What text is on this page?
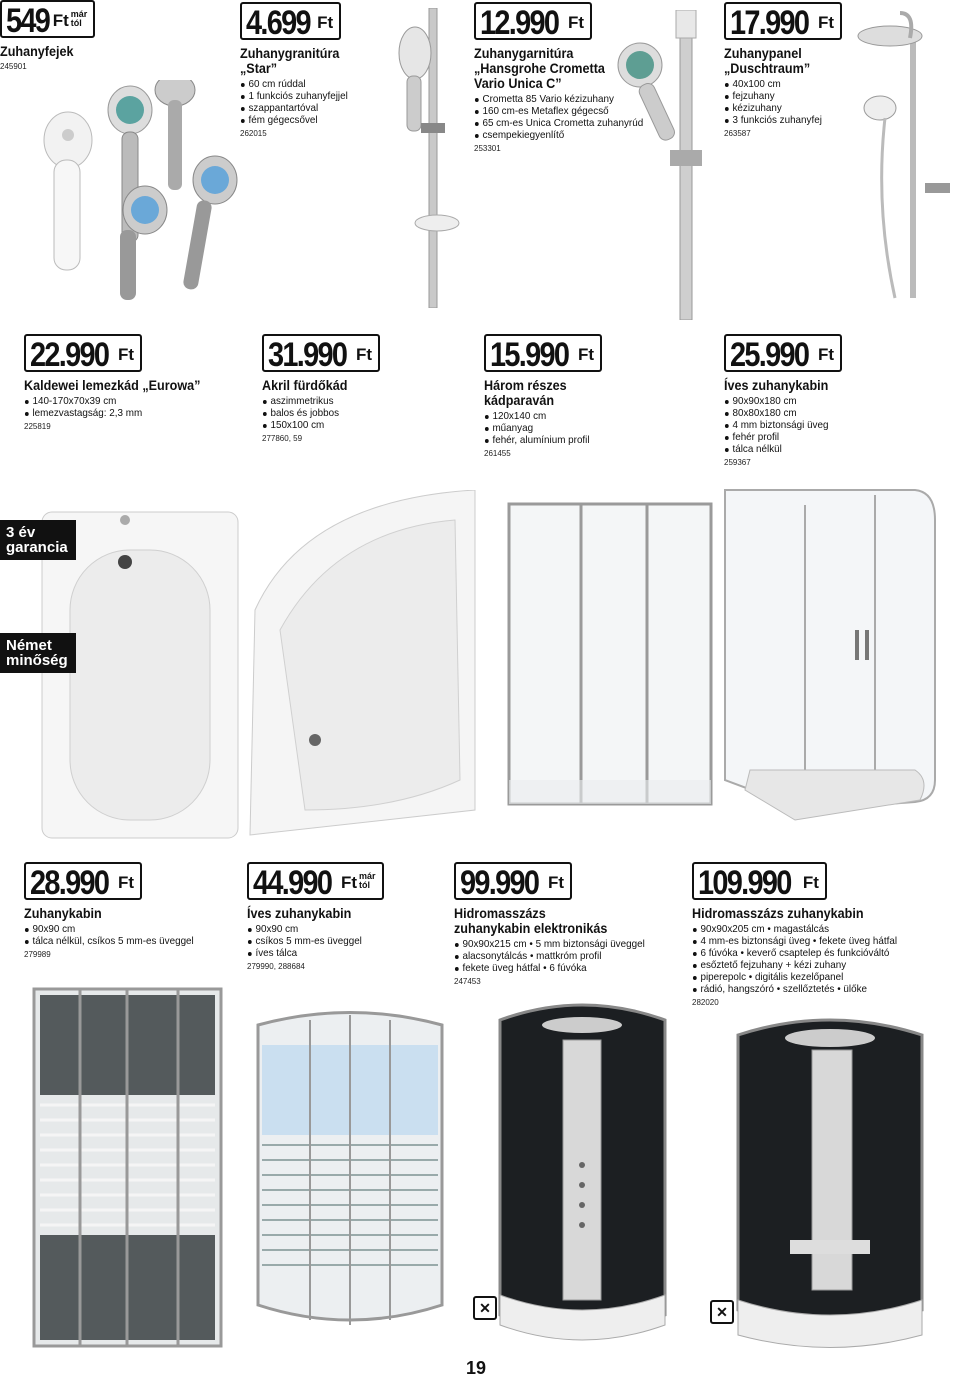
549 Ft már
tól
Zuhanyfejek
245901
4.699 Ft
Zuhanygranitúra
„Star”
60 cm rúddal
1 funkciós zuhanyfejjel
szappantartóval
fém gégecsővel
262015
12.990 Ft
Zuhanygarnitúra
„Hansgrohe Crometta
Vario Unica C”
Crometta 85 Vario kézizuhany
160 cm-es Metaflex gégecső
65 cm-es Unica Crometta zuhanyrúd
csempekiegyenlítő
253301
17.990 Ft
Zuhanypanel
„Duschtraum”
40x100 cm
fejzuhany
kézizuhany
3 funkciós zuhanyfej
263587
22.990 Ft
Kaldewei lemezkád „Eurowa”
140-170x70x39 cm
lemezvastagság: 2,3 mm
225819
31.990 Ft
Akril fürdőkád
aszimmetrikus
balos és jobbos
150x100 cm
277860, 59
15.990 Ft
Három részes
kádparaván
120x140 cm
műanyag
fehér, alumínium profil
261455
25.990 Ft
Íves zuhanykabin
90x90x180 cm
80x80x180 cm
4 mm biztonsági üveg
fehér profil
tálca nélkül
259367
28.990 Ft
Zuhanykabin
90x90 cm
tálca nélkül, csíkos 5 mm-es üveggel
279989
44.990 Ft már
tól
Íves zuhanykabin
90x90 cm
csíkos 5 mm-es üveggel
íves tálca
279990, 288684
99.990 Ft
Hidromasszázs
zuhanykabin elektronikás
90x90x215 cm • 5 mm biztonsági üveggel
alacsonytálcás • mattkróm profil
fekete üveg hátfal • 6 fúvóka
247453
109.990 Ft
Hidromasszázs zuhanykabin
90x90x205 cm • magastálcás
4 mm-es biztonsági üveg • fekete üveg hátfal
6 fúvóka • keverő csaptelep és funkcióváltó
esőztető fejzuhany + kézi zuhany
piperepolc • digitális kezelőpanel
rádió, hangszóró • szellőztetés • ülőke
282020
3 év
garancia
Német
minőség
✕	✕
19
